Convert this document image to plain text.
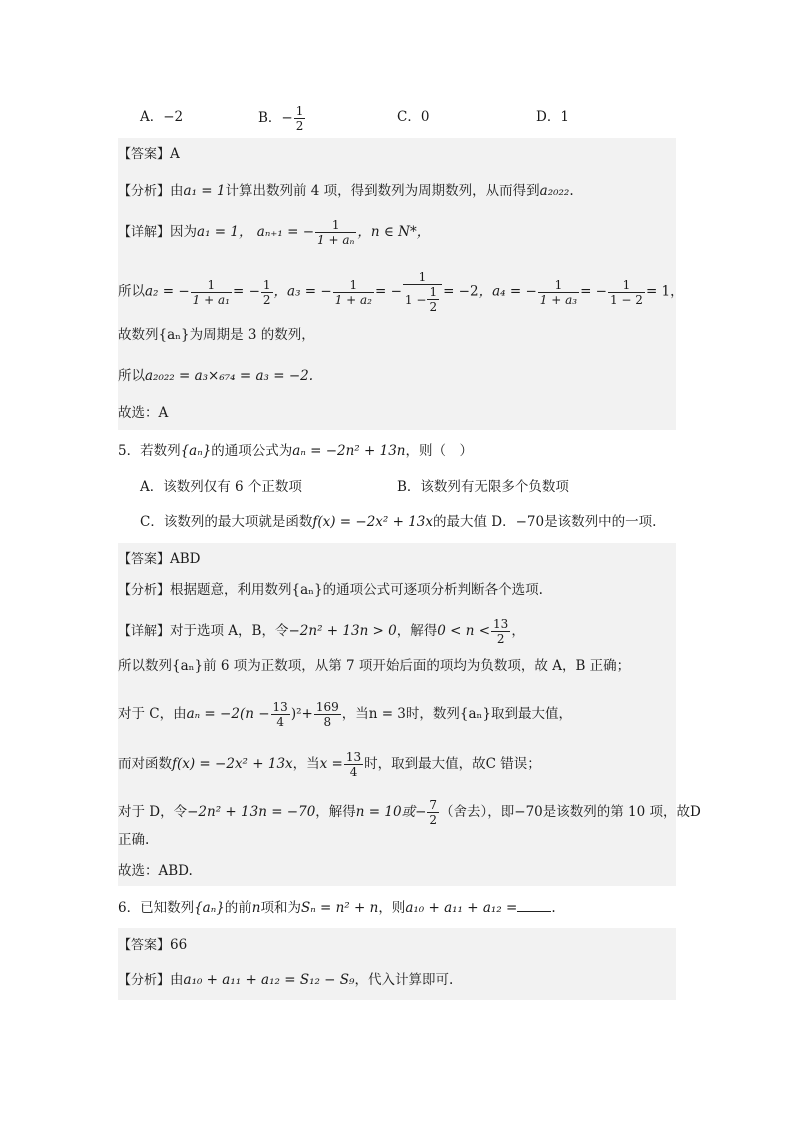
A．−2	B．− $\frac{1}{2}$	C．0	D．1
【答案】A
【分析】由a₁ = 1计算出数列前 4 项，得到数列为周期数列，从而得到a₂₀₂₂.
【详解】因为a₁ = 1， aₙ₊₁ = − $\frac{1}{\text{1 + aₙ}}$ ，n ∈ N*，
所以a₂ = − $\frac{1}{\text{1 + a₁}}$ = − $\frac{1}{2}$ ，a₃ = − $\frac{1}{\text{1 + a₂}}$ = − $\frac{1}{1 - \frac{1}{2}} = -2$，a₄ = − $\frac{1}{\text{1 + a₃}}$ = − $\frac{1}{1 - 2} = 1$，
故数列{aₙ}为周期是 3 的数列，
所以a₂₀₂₂ = a₃×₆₇₄ = a₃ = −2.
故选：A
5．若数列{aₙ}的通项公式为aₙ = −2n² + 13n，则（　）
A．该数列仅有 6 个正数项	B．该数列有无限多个负数项
C．该数列的最大项就是函数f(x) = −2x² + 13x的最大值 D．−70是该数列中的一项.
【答案】ABD
【分析】根据题意，利用数列{aₙ}的通项公式可逐项分析判断各个选项.
【详解】对于选项 A，B，令−2n² + 13n > 0，解得$0 < n < \frac{13}{2}$ ，
所以数列{aₙ}前 6 项为正数项，从第 7 项开始后面的项均为负数项，故 A，B 正确；
对于 C，由$a_n = -2(n - \frac{13}{4} )^2+ \frac{169}{8}$ ，当n = 3时，数列{aₙ}取到最大值，
而对函数f(x) = −2x² + 13x，当$x = \frac{13}{4}$ 时，取到最大值，故C 错误；
对于 D，令−2n² + 13n = −70，解得n = 10或− $\frac{7}{2}$ （舍去），即−70是该数列的第 10 项，故D
正确.
故选：ABD.
6．已知数列{aₙ}的前n项和为Sₙ = n² + n，则a₁₀ + a₁₁ + a₁₂ =	.
【答案】66
【分析】由a₁₀ + a₁₁ + a₁₂ = S₁₂ − S₉，代入计算即可.
